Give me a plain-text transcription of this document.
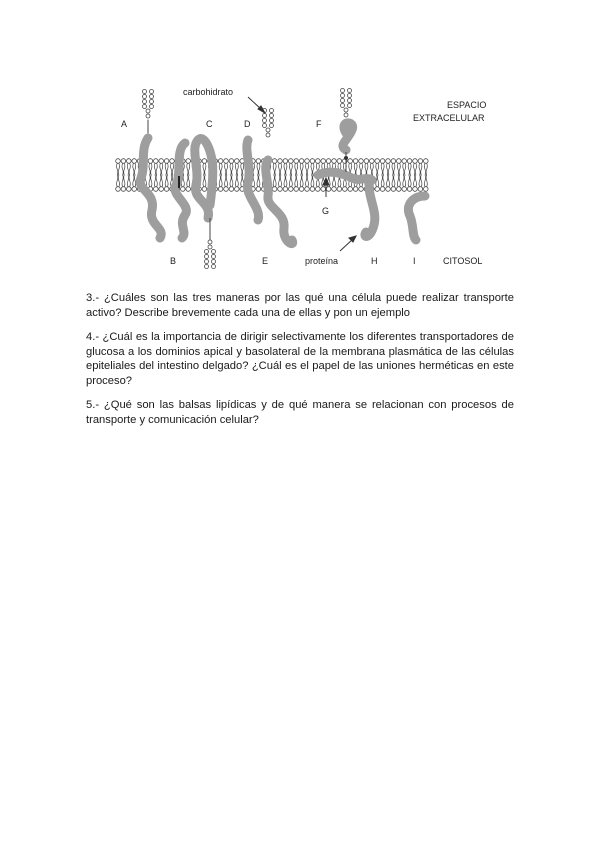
A
B
C	D
E
F
G
H	I
carbohidrato
ESPACIO
EXTRACELULAR
proteína	CITOSOL
3.- ¿Cuáles son las tres maneras por las qué una célula puede realizar transporte activo? Describe brevemente cada una de ellas y pon un ejemplo
4.- ¿Cuál es la importancia de dirigir selectivamente los diferentes transportadores de glucosa a los dominios apical y basolateral de la membrana plasmática de las células epiteliales del intestino delgado? ¿Cuál es el papel de las uniones herméticas en este proceso?
5.- ¿Qué son las balsas lipídicas y de qué manera se relacionan con procesos de transporte y comunicación celular?
